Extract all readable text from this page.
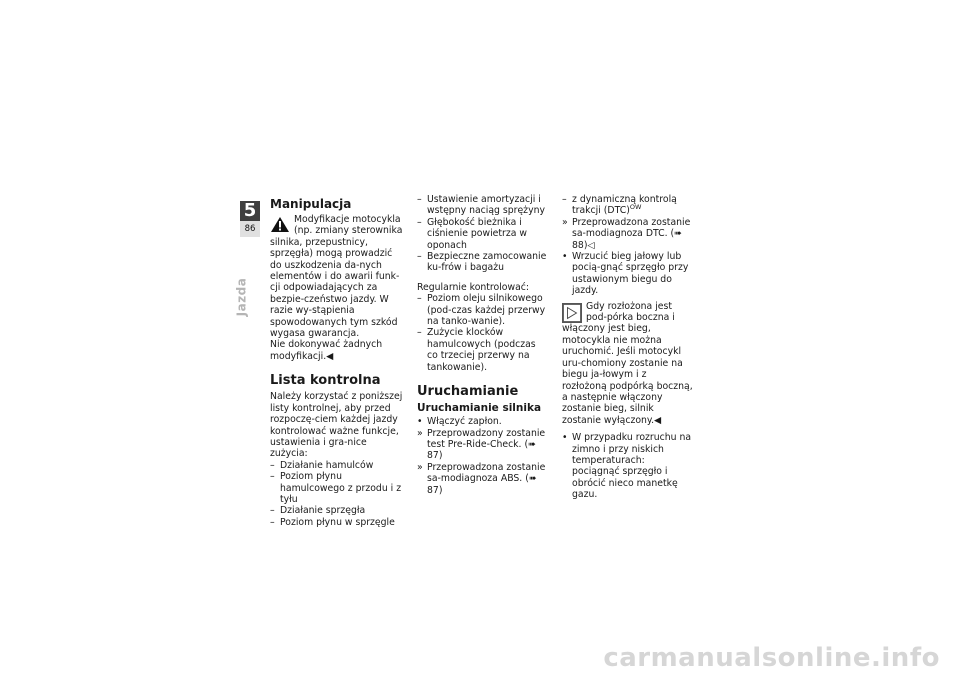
5
86
Jazda
Manipulacja

Modyfikacje motocykla (np. zmiany sterownika silnika, przepustnicy, sprzęgła) mogą prowadzić do uszkodzenia da-nych elementów i do awarii funk-cji odpowiadających za bezpie-czeństwo jazdy. W razie wy-stąpienia spowodowanych tym szkód wygasa gwarancja.

Nie dokonywać żadnych modyfikacji.◀

Lista kontrolna

Należy korzystać z poniższej listy kontrolnej, aby przed rozpoczę-ciem każdej jazdy kontrolować ważne funkcje, ustawienia i gra-nice zużycia:

– Działanie hamulców
– Poziom płynu hamulcowego z przodu i z tyłu
– Działanie sprzęgła
– Poziom płynu w sprzęgle
– Ustawienie amortyzacji i wstępny naciąg sprężyny
– Głębokość bieżnika i ciśnienie powietrza w oponach
– Bezpieczne zamocowanie ku-frów i bagażu

Regularnie kontrolować:

– Poziom oleju silnikowego (pod-czas każdej przerwy na tanko-wanie).
– Zużycie klocków hamulcowych (podczas co trzeciej przerwy na tankowanie).
Uruchamianie
Uruchamianie silnika
• Włączyć zapłon.
» Przeprowadzony zostanie test Pre-Ride-Check. (➠ 87)
» Przeprowadzona zostanie sa-modiagnoza ABS. (➠ 87)
– z dynamiczną kontrolą trakcji (DTC)$^{OW}$
» Przeprowadzona zostanie sa-modiagnoza DTC. (➠ 88)◁
• Wrzucić bieg jałowy lub pocią-gnąć sprzęgło przy ustawionym biegu do jazdy.

Gdy rozłożona jest pod-pórka boczna i włączony jest bieg, motocykla nie można uruchomić. Jeśli motocykl uru-chomiony zostanie na biegu ja-łowym i z rozłożoną podpórką boczną, a następnie włączony zostanie bieg, silnik zostanie wyłączony.◀

• W przypadku rozruchu na zimno i przy niskich temperaturach: pociągnąć sprzęgło i obrócić nieco manetkę gazu.
carmanualsonline.info
